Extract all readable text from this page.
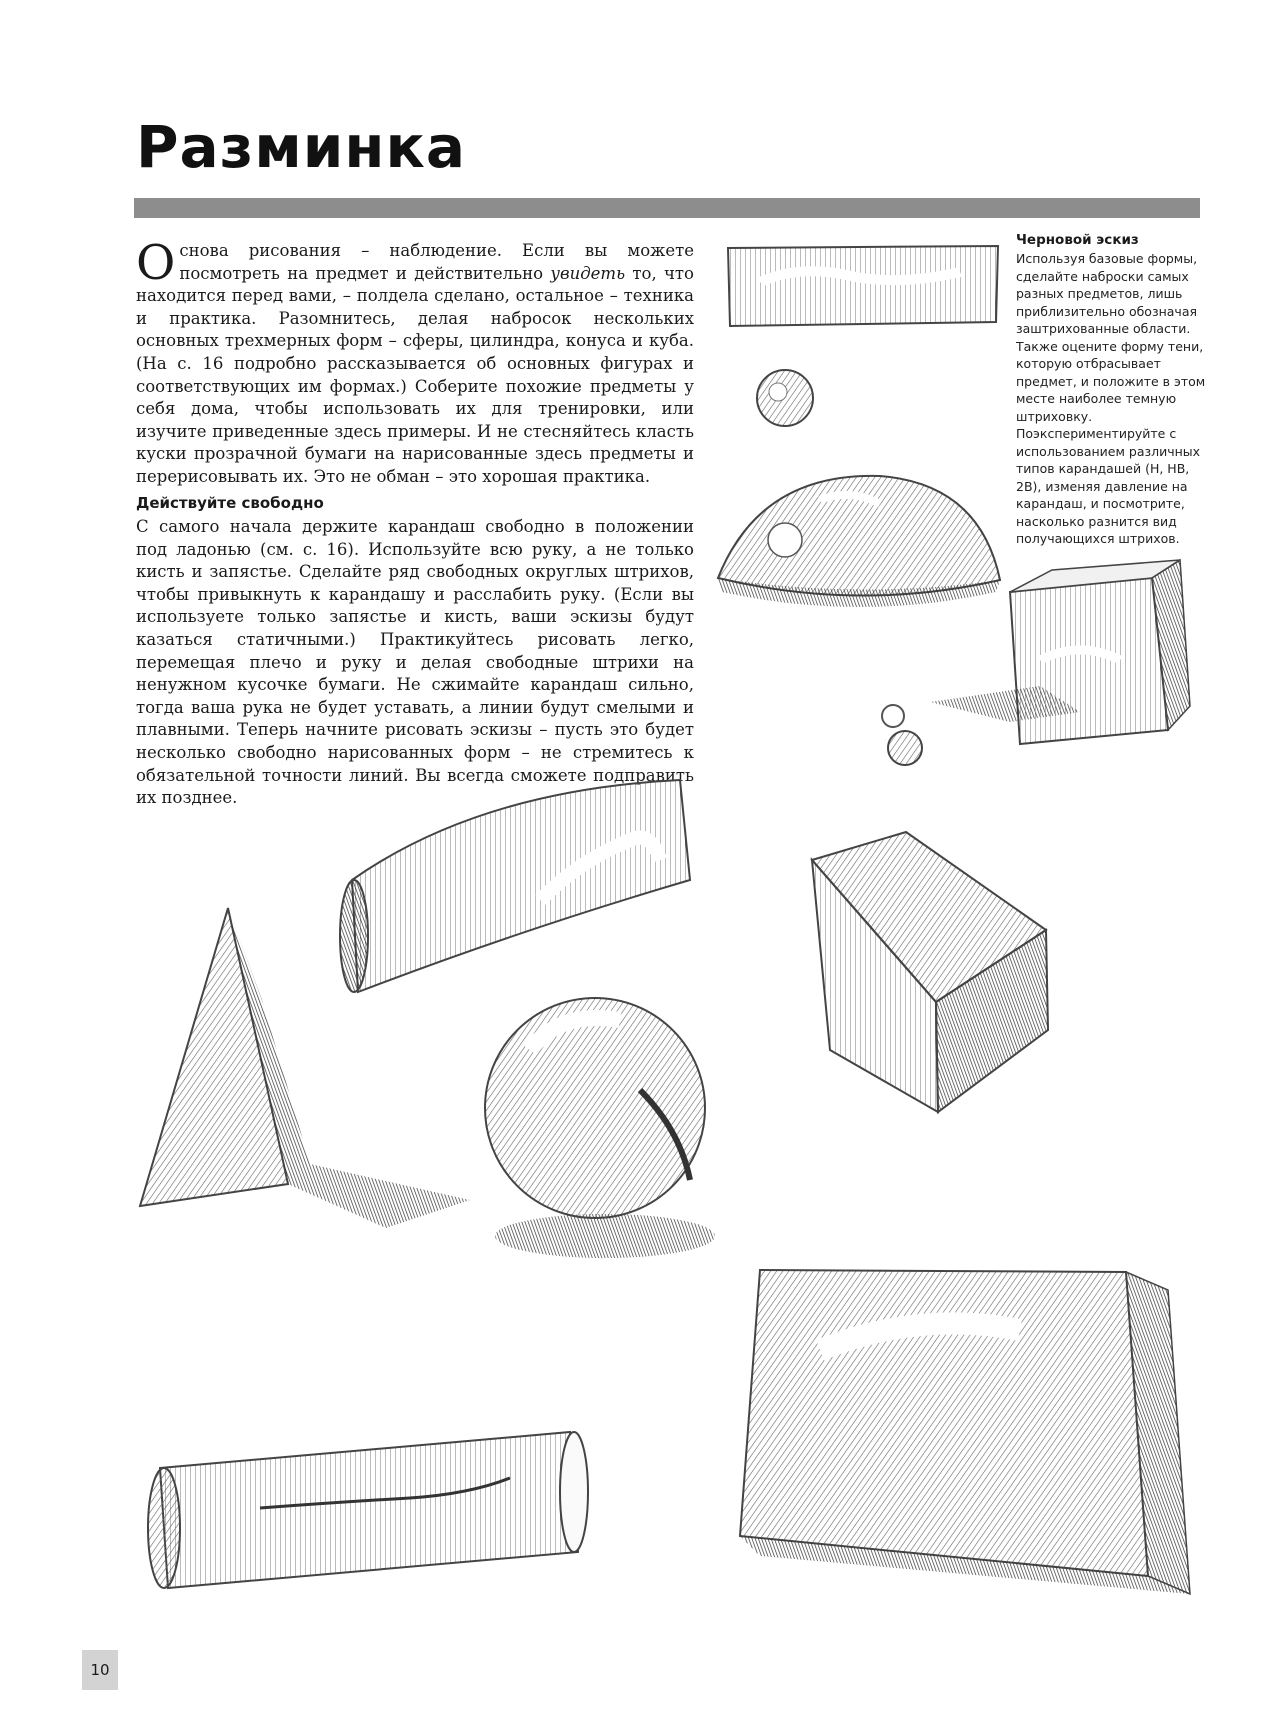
Разминка

Основа рисования – наблюдение. Если вы можете посмотреть на предмет и действительно увидеть то, что находится перед вами, – полдела сделано, остальное – техника и практика. Разомнитесь, делая набросок нескольких основных трехмерных форм – сферы, цилиндра, конуса и куба. (На с. 16 подробно рассказывается об основных фигурах и соответствующих им формах.) Соберите похожие предметы у себя дома, чтобы использовать их для тренировки, или изучите приведенные здесь примеры. И не стесняйтесь класть куски прозрачной бумаги на нарисованные здесь предметы и перерисовывать их. Это не обман – это хорошая практика.

Действуйте свободно

С самого начала держите карандаш свободно в положении под ладонью (см. с. 16). Используйте всю руку, а не только кисть и запястье. Сделайте ряд свободных округлых штрихов, чтобы привыкнуть к карандашу и расслабить руку. (Если вы используете только запястье и кисть, ваши эскизы будут казаться статичными.) Практикуйтесь рисовать легко, перемещая плечо и руку и делая свободные штрихи на ненужном кусочке бумаги. Не сжимайте карандаш сильно, тогда ваша рука не будет уставать, а линии будут смелыми и плавными. Теперь начните рисовать эскизы – пусть это будет несколько свободно нарисованных форм – не стремитесь к обязательной точности линий. Вы всегда сможете подправить их позднее.

Черновой эскиз

Используя базовые формы, сделайте наброски самых разных предметов, лишь приблизительно обозначая заштрихованные области. Также оцените форму тени, которую отбрасывает предмет, и положите в этом месте наиболее темную штриховку. Поэкспериментируйте с использованием различных типов карандашей (H, HB, 2B), изменяя давление на карандаш, и посмотрите, насколько разнится вид получающихся штрихов.

10
